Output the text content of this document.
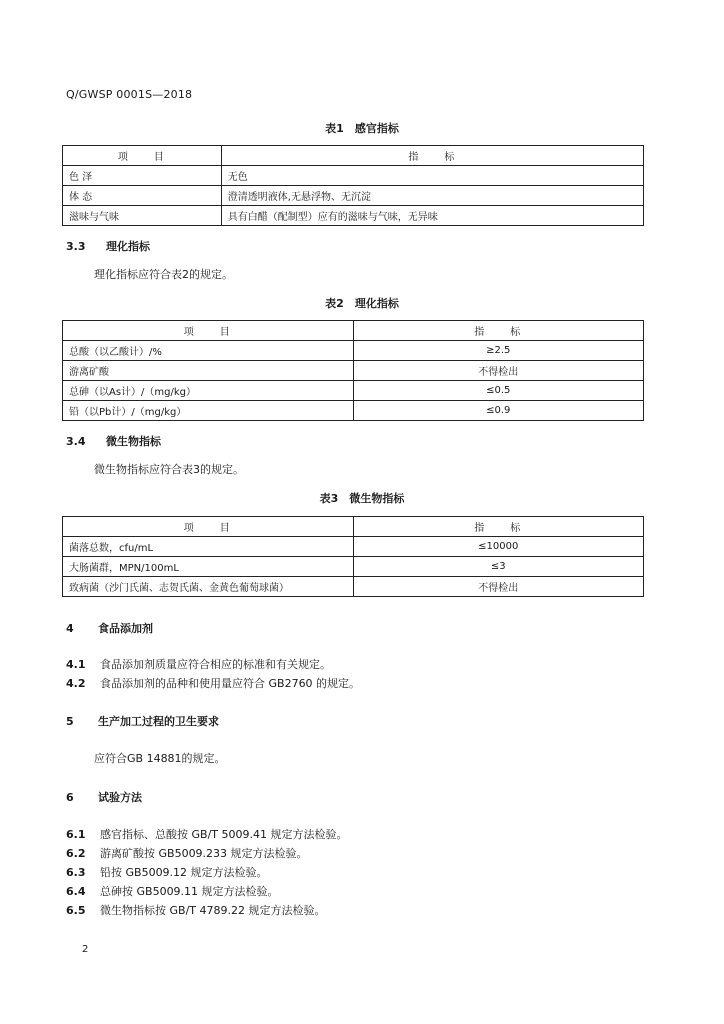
Q/GWSP 0001S—2018
表1　感官指标
项　　目	指　　标
色 泽	无色
体 态	澄清透明液体,无悬浮物、无沉淀
滋味与气味	具有白醋（配制型）应有的滋味与气味，无异味
3.3 理化指标
理化指标应符合表2的规定。
表2　理化指标
项　　目	指　　标
总酸（以乙酸计）/%	≥2.5
游离矿酸	不得检出
总砷（以As计）/（mg/kg）	≤0.5
铅（以Pb计）/（mg/kg）	≤0.9
3.4 微生物指标
微生物指标应符合表3的规定。
表3　微生物指标
项　　目	指　　标
菌落总数，cfu/mL	≤10000
大肠菌群，MPN/100mL	≤3
致病菌（沙门氏菌、志贺氏菌、金黄色葡萄球菌）	不得检出
4 食品添加剂
4.1 食品添加剂质量应符合相应的标准和有关规定。
4.2 食品添加剂的品种和使用量应符合 GB2760 的规定。
5 生产加工过程的卫生要求
应符合GB 14881的规定。
6 试验方法
6.1 感官指标、总酸按 GB/T 5009.41 规定方法检验。
6.2 游离矿酸按 GB5009.233 规定方法检验。
6.3 铅按 GB5009.12 规定方法检验。
6.4 总砷按 GB5009.11 规定方法检验。
6.5 微生物指标按 GB/T 4789.22 规定方法检验。
2
